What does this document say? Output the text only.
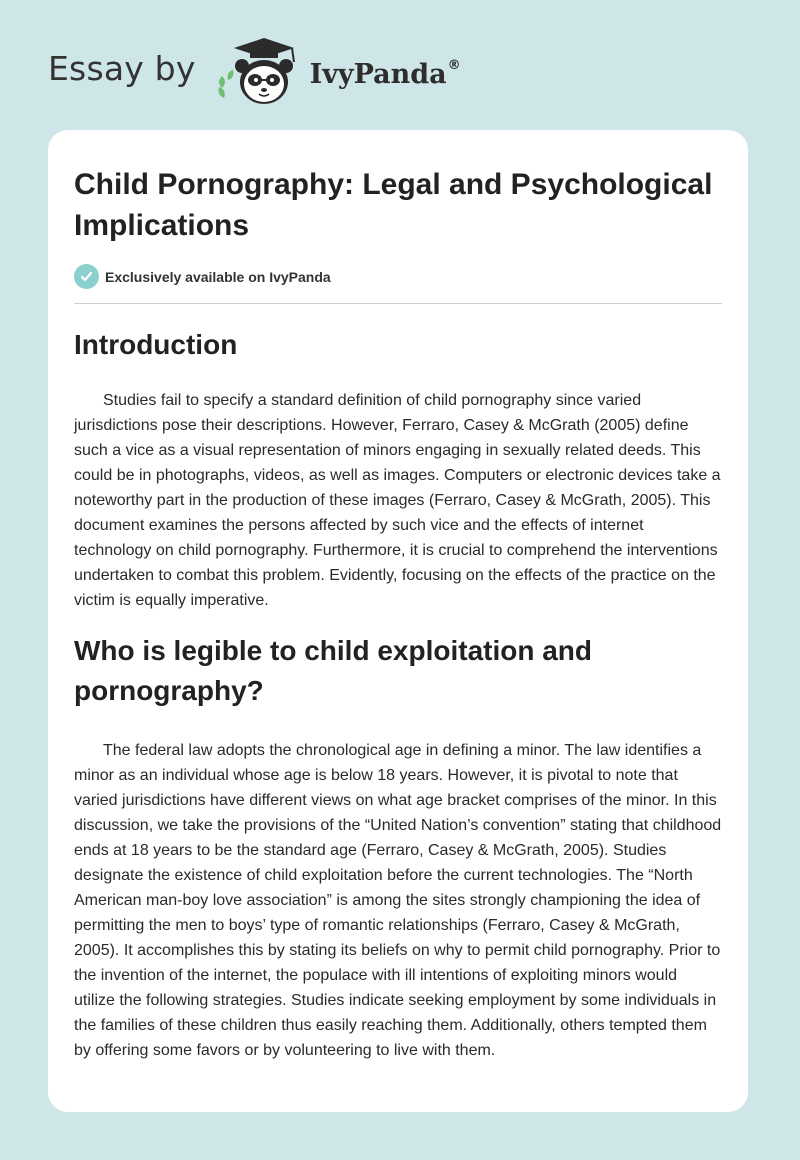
Essay by	IvyPanda®
Child Pornography: Legal and Psychological Implications
Exclusively available on IvyPanda
Introduction

Studies fail to specify a standard definition of child pornography since varied jurisdictions pose their descriptions. However, Ferraro, Casey & McGrath (2005) define such a vice as a visual representation of minors engaging in sexually related deeds. This could be in photographs, videos, as well as images. Computers or electronic devices take a noteworthy part in the production of these images (Ferraro, Casey & McGrath, 2005). This document examines the persons affected by such vice and the effects of internet technology on child pornography. Furthermore, it is crucial to comprehend the interventions undertaken to combat this problem. Evidently, focusing on the effects of the practice on the victim is equally imperative.

Who is legible to child exploitation and pornography?

The federal law adopts the chronological age in defining a minor. The law identifies a minor as an individual whose age is below 18 years. However, it is pivotal to note that varied jurisdictions have different views on what age bracket comprises of the minor. In this discussion, we take the provisions of the “United Nation’s convention” stating that childhood ends at 18 years to be the standard age (Ferraro, Casey & McGrath, 2005). Studies designate the existence of child exploitation before the current technologies. The “North American man-boy love association” is among the sites strongly championing the idea of permitting the men to boys’ type of romantic relationships (Ferraro, Casey & McGrath, 2005). It accomplishes this by stating its beliefs on why to permit child pornography. Prior to the invention of the internet, the populace with ill intentions of exploiting minors would utilize the following strategies. Studies indicate seeking employment by some individuals in the families of these children thus easily reaching them. Additionally, others tempted them by offering some favors or by volunteering to live with them.
